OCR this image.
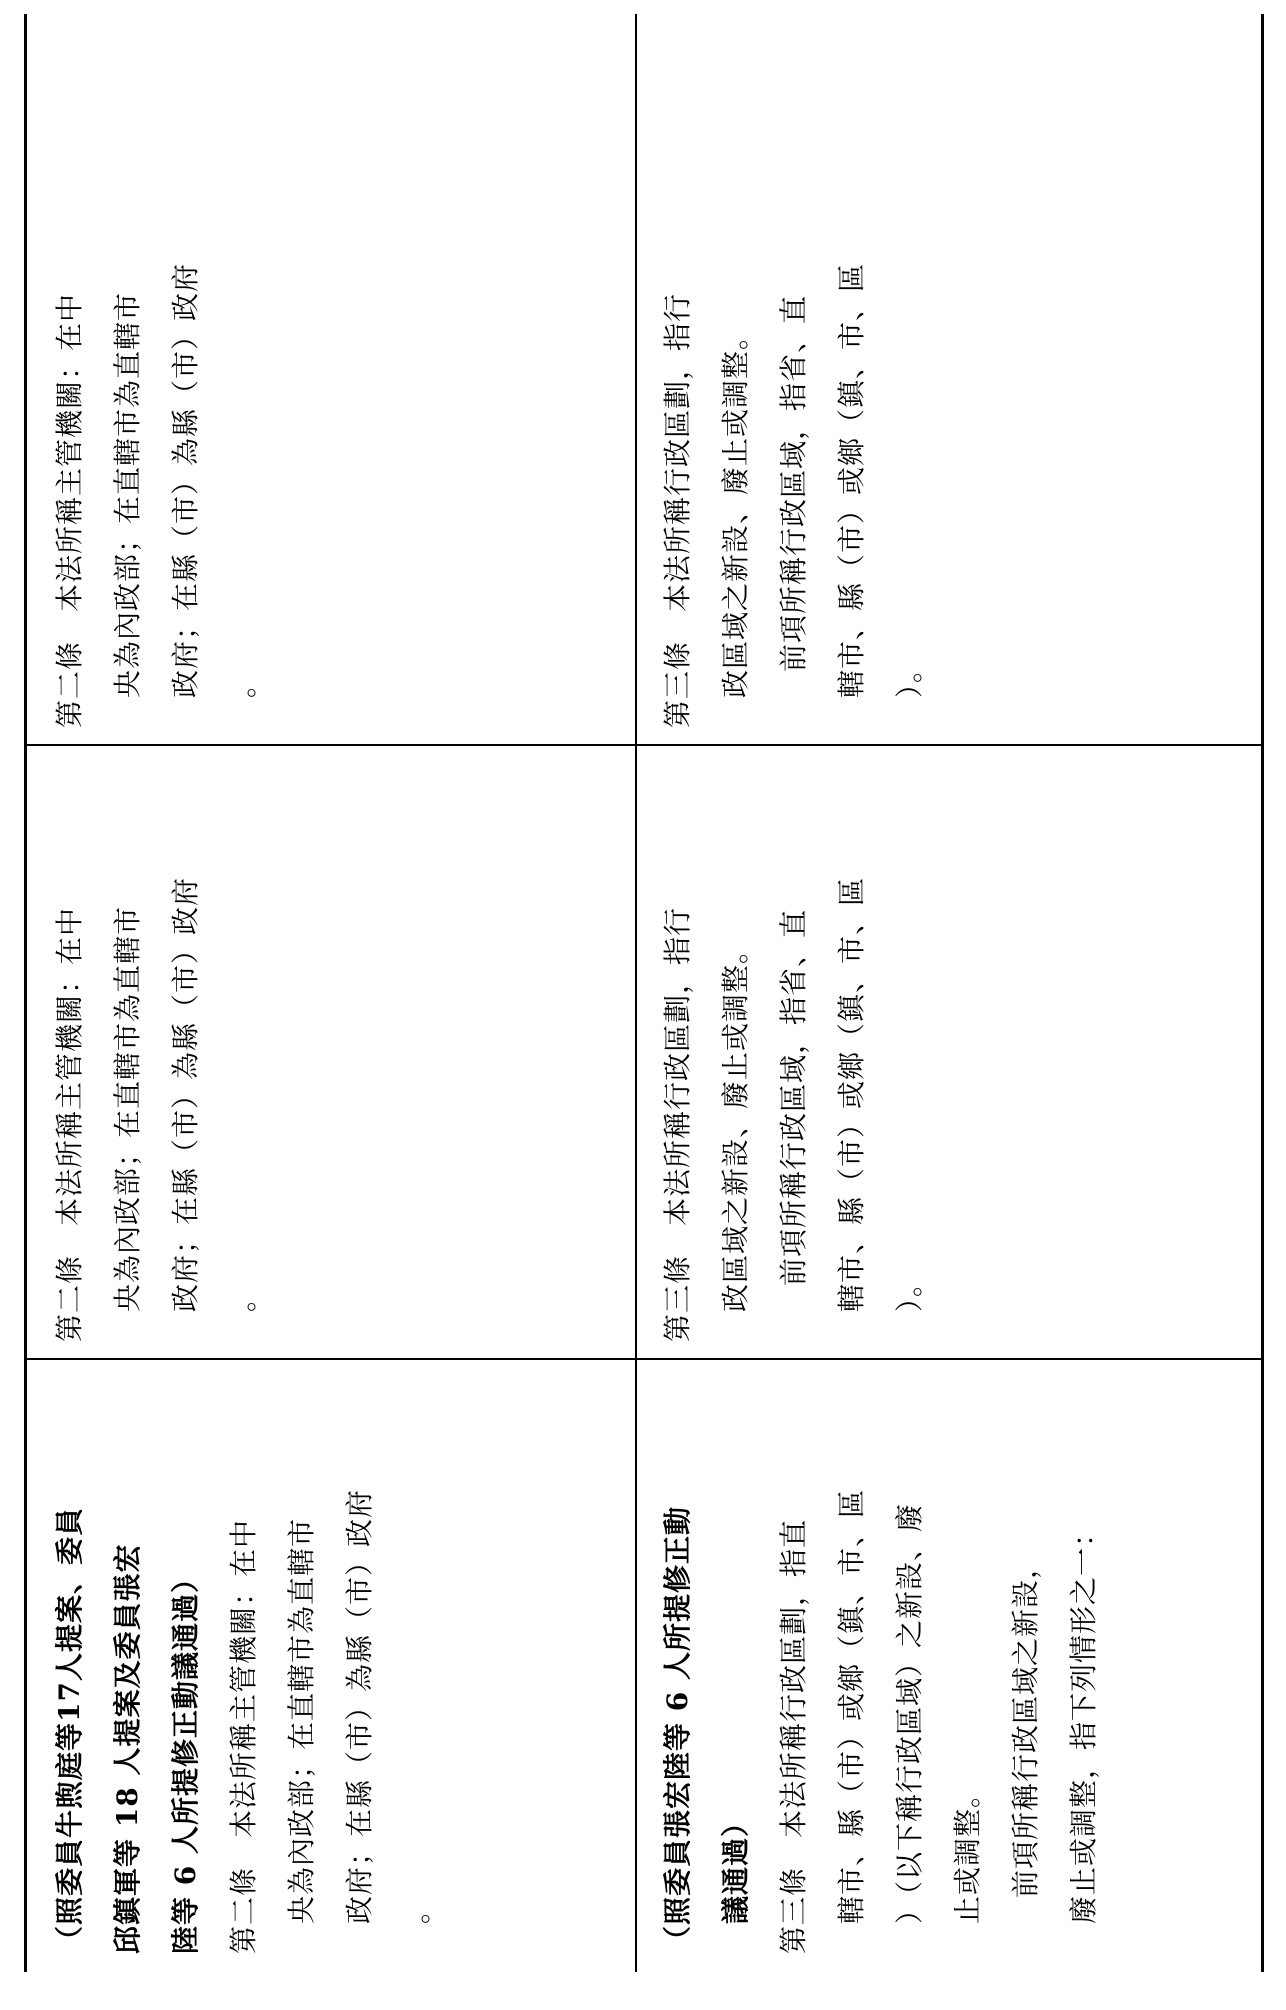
（照委員牛煦庭等17人提案、委員 邱鎮軍等 18 人提案及委員張宏 陸等 6 人所提修正動議通過） 第二條　本法所稱主管機關：在中 央為內政部；在直轄市為直轄市 政府；在縣（市）為縣（市）政府 。
第二條　本法所稱主管機關：在中 央為內政部；在直轄市為直轄市 政府；在縣（市）為縣（市）政府 。
第二條　本法所稱主管機關：在中 央為內政部；在直轄市為直轄市 政府；在縣（市）為縣（市）政府 。
（照委員張宏陸等 6 人所提修正動 議通過） 第三條　本法所稱行政區劃，指直 轄市、縣（市）或鄉（鎮、市、區 ）（以下稱行政區域）之新設、廢 止或調整。 前項所稱行政區域之新設， 廢止或調整，指下列情形之一：
第三條　本法所稱行政區劃，指行 政區域之新設、廢止或調整。 前項所稱行政區域，指省、直 轄市、縣（市）或鄉（鎮、市、區 ）。
第三條　本法所稱行政區劃，指行 政區域之新設、廢止或調整。 前項所稱行政區域，指省、直 轄市、縣（市）或鄉（鎮、市、區 ）。
